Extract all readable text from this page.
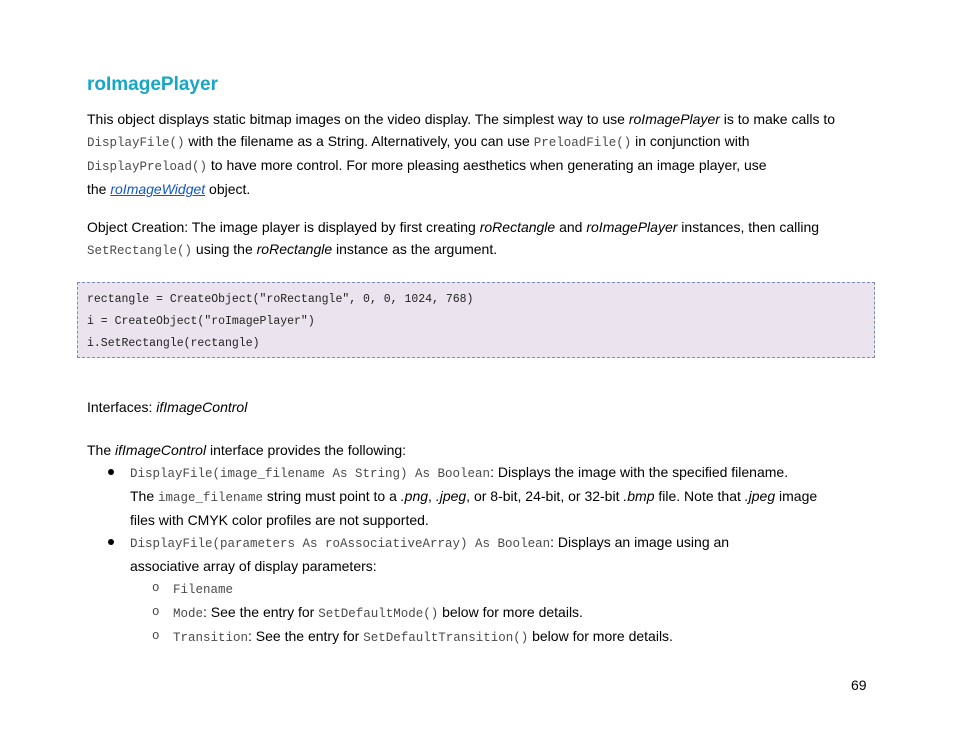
roImagePlayer

This object displays static bitmap images on the video display. The simplest way to use roImagePlayer is to make calls to
DisplayFile() with the filename as a String. Alternatively, you can use PreloadFile() in conjunction with
DisplayPreload() to have more control. For more pleasing aesthetics when generating an image player, use
the roImageWidget object.

Object Creation: The image player is displayed by first creating roRectangle and roImagePlayer instances, then calling
SetRectangle() using the roRectangle instance as the argument.

rectangle = CreateObject("roRectangle", 0, 0, 1024, 768)

i = CreateObject("roImagePlayer")

i.SetRectangle(rectangle)

Interfaces: ifImageControl

The ifImageControl interface provides the following:

DisplayFile(image_filename As String) As Boolean: Displays the image with the specified filename.
The image_filename string must point to a .png, .jpeg, or 8-bit, 24-bit, or 32-bit .bmp file. Note that .jpeg image
files with CMYK color profiles are not supported.
DisplayFile(parameters As roAssociativeArray) As Boolean: Displays an image using an
associative array of display parameters:
o Filename
o Mode: See the entry for SetDefaultMode() below for more details.
o Transition: See the entry for SetDefaultTransition() below for more details.
69
